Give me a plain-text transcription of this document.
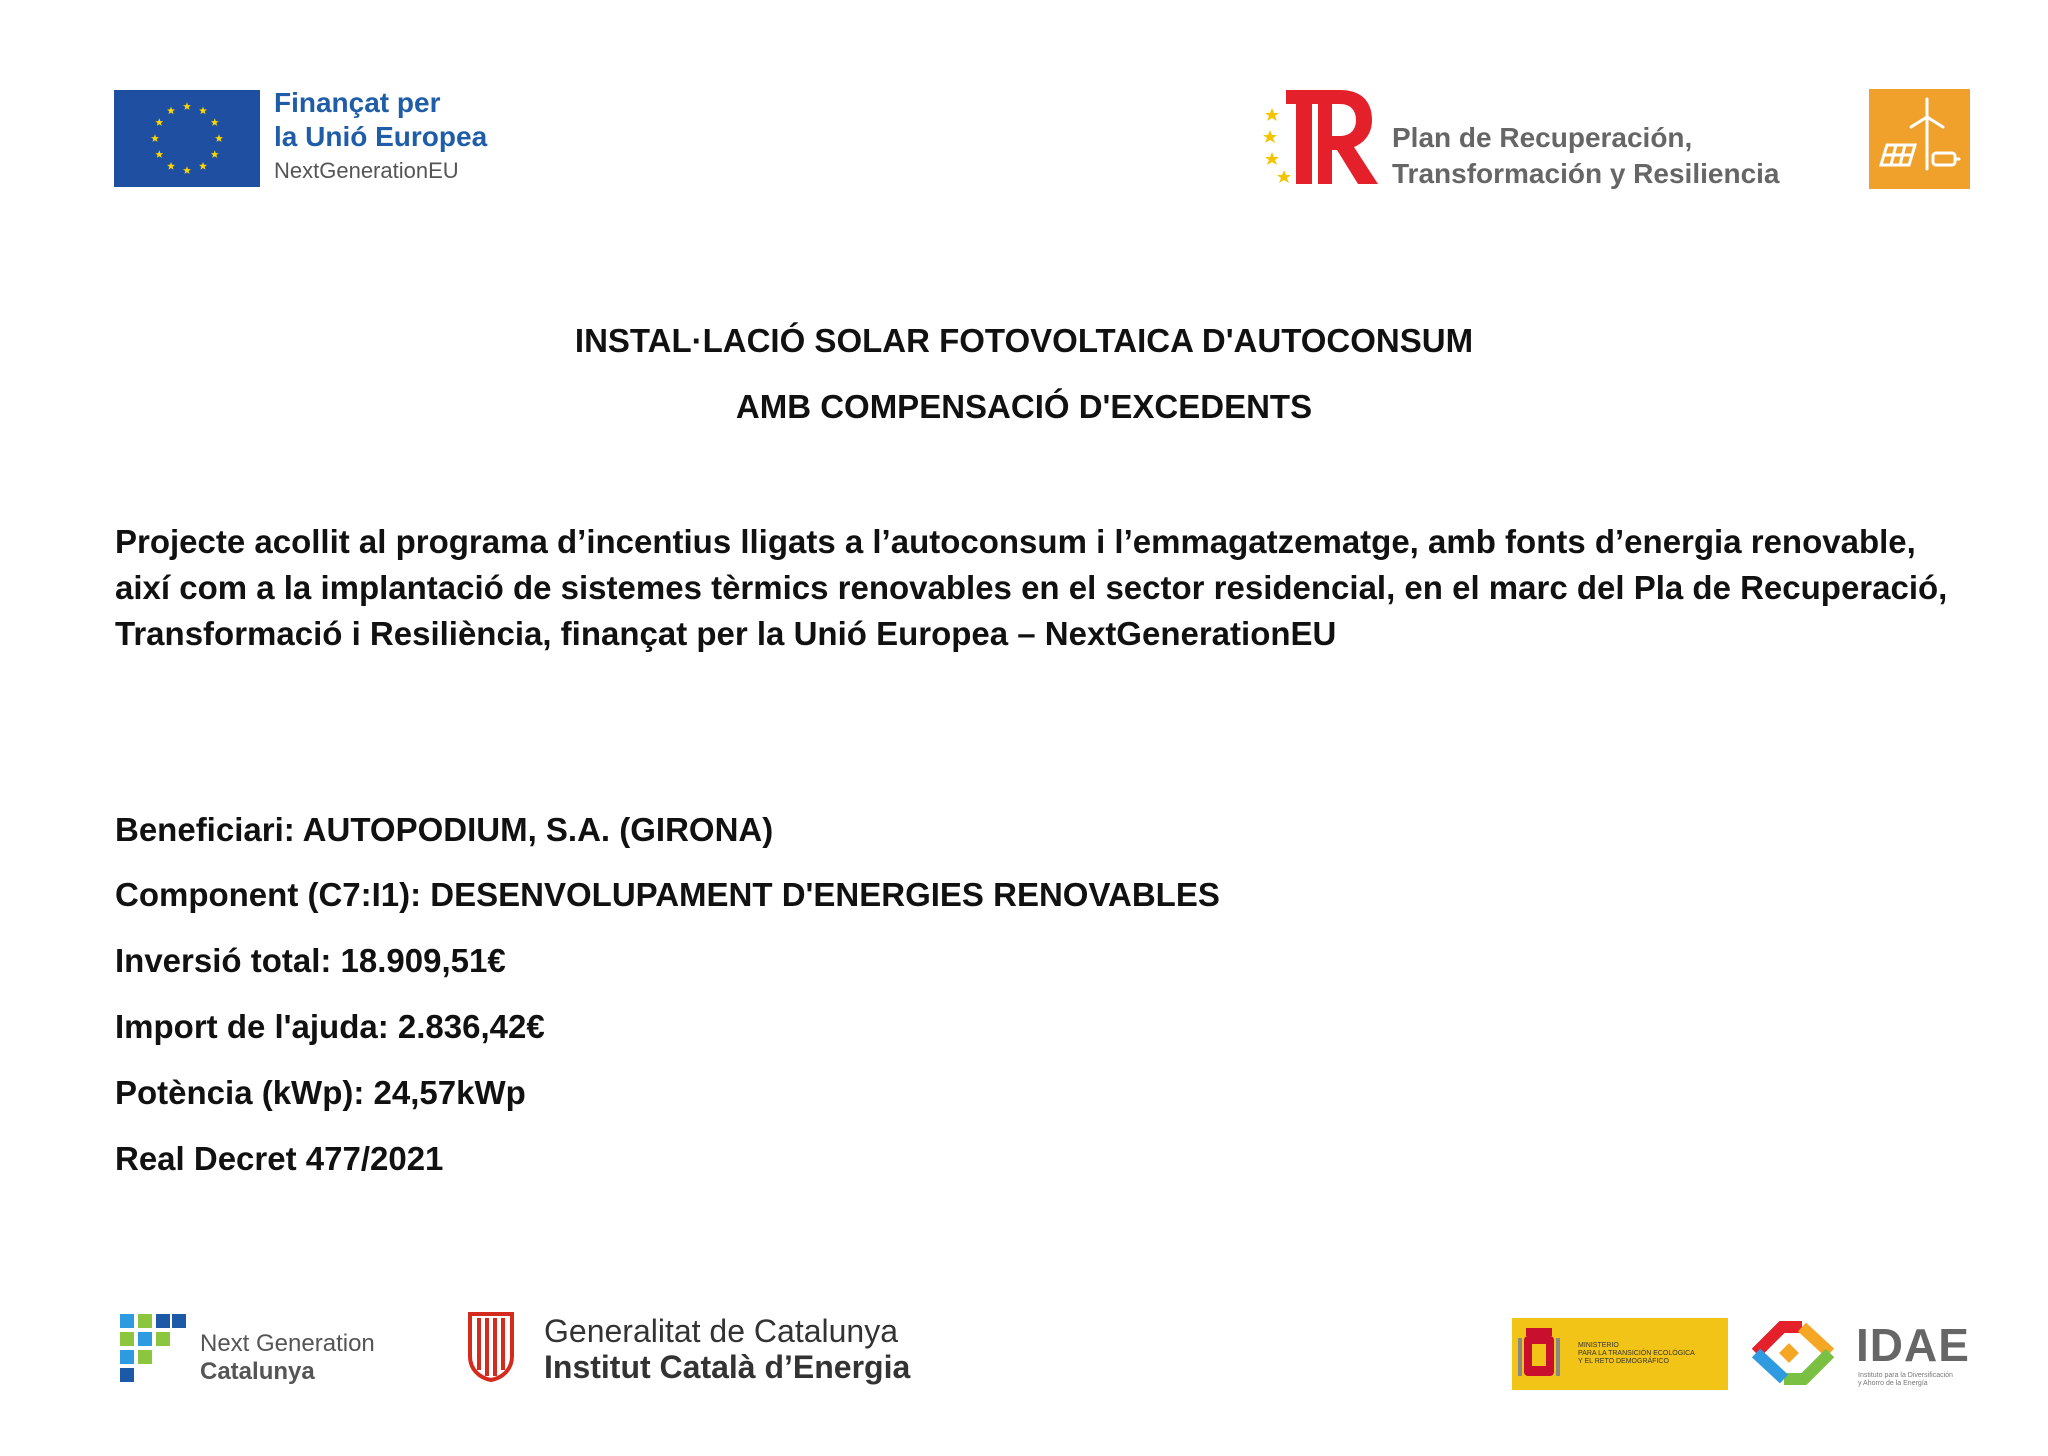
Finançat per
la Unió Europea
NextGenerationEU
Plan de Recuperación,
Transformación y Resiliencia
INSTAL·LACIÓ SOLAR FOTOVOLTAICA D'AUTOCONSUM
AMB COMPENSACIÓ D'EXCEDENTS
Projecte acollit al programa d’incentius lligats a l’autoconsum i l’emmagatzematge, amb fonts d’energia renovable, així com a la implantació de sistemes tèrmics renovables en el sector residencial, en el marc del Pla de Recuperació, Transformació i Resiliència, finançat per la Unió Europea – NextGenerationEU
Beneficiari: AUTOPODIUM, S.A. (GIRONA)
Component (C7:I1): DESENVOLUPAMENT D'ENERGIES RENOVABLES
Inversió total: 18.909,51€
Import de l'ajuda: 2.836,42€
Potència (kWp): 24,57kWp
Real Decret 477/2021
Next Generation
Catalunya
Generalitat de Catalunya
Institut Català d’Energia
MINISTERIO
PARA LA TRANSICIÓN ECOLÓGICA
Y EL RETO DEMOGRÁFICO	IDAE
Instituto para la Diversificación
y Ahorro de la Energía
